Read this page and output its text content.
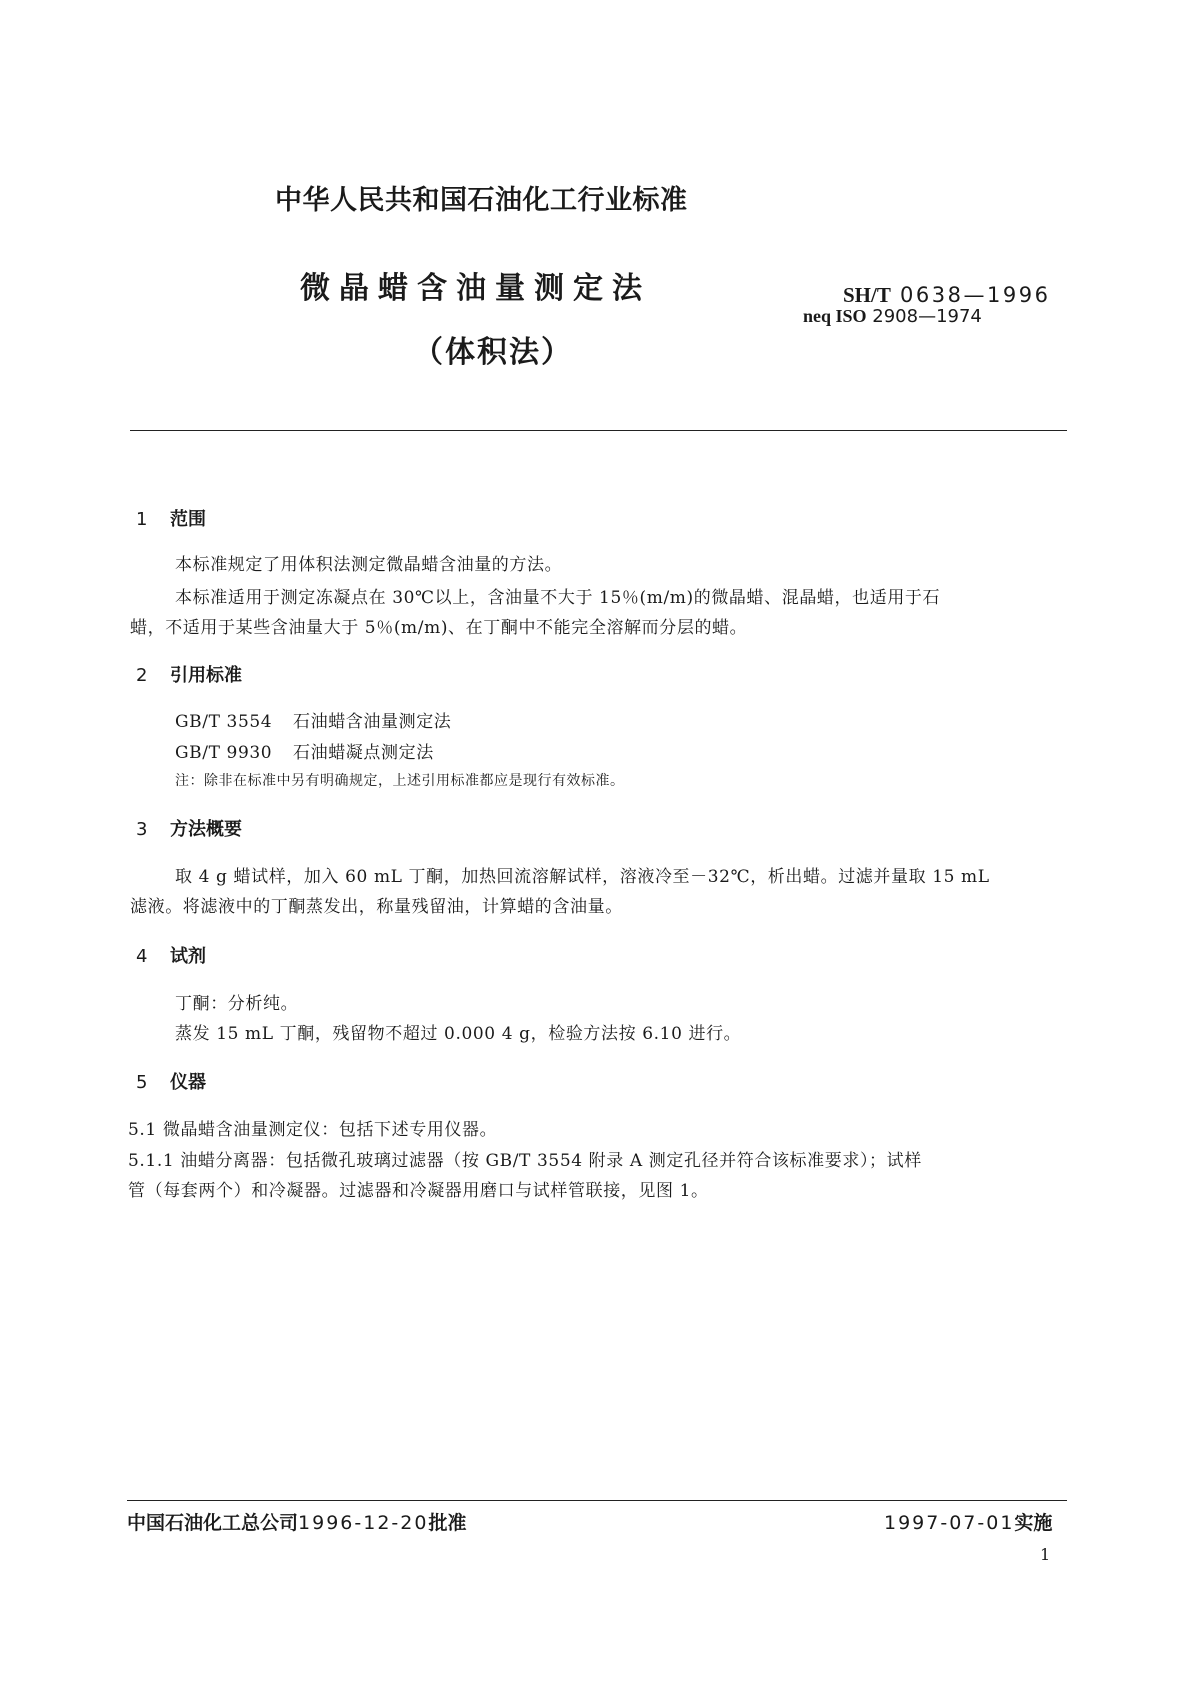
中华人民共和国石油化工行业标准
微晶蜡含油量测定法
（体积法）
SH/T 0638—1996
neq ISO 2908—1974
1 范围
本标准规定了用体积法测定微晶蜡含油量的方法。
本标准适用于测定冻凝点在 30℃以上，含油量不大于 15％(m/m)的微晶蜡、混晶蜡，也适用于石
蜡，不适用于某些含油量大于 5％(m/m)、在丁酮中不能完全溶解而分层的蜡。
2 引用标准
GB/T 3554 石油蜡含油量测定法
GB/T 9930 石油蜡凝点测定法
注：除非在标准中另有明确规定，上述引用标准都应是现行有效标准。
3 方法概要
取 4 g 蜡试样，加入 60 mL 丁酮，加热回流溶解试样，溶液冷至－32℃，析出蜡。过滤并量取 15 mL
滤液。将滤液中的丁酮蒸发出，称量残留油，计算蜡的含油量。
4 试剂
丁酮：分析纯。
蒸发 15 mL 丁酮，残留物不超过 0.000 4 g，检验方法按 6.10 进行。
5 仪器
5.1 微晶蜡含油量测定仪：包括下述专用仪器。
5.1.1 油蜡分离器：包括微孔玻璃过滤器（按 GB/T 3554 附录 A 测定孔径并符合该标准要求）；试样
管（每套两个）和冷凝器。过滤器和冷凝器用磨口与试样管联接，见图 1。
中国石油化工总公司1996-12-20批准	1997-07-01实施
1
